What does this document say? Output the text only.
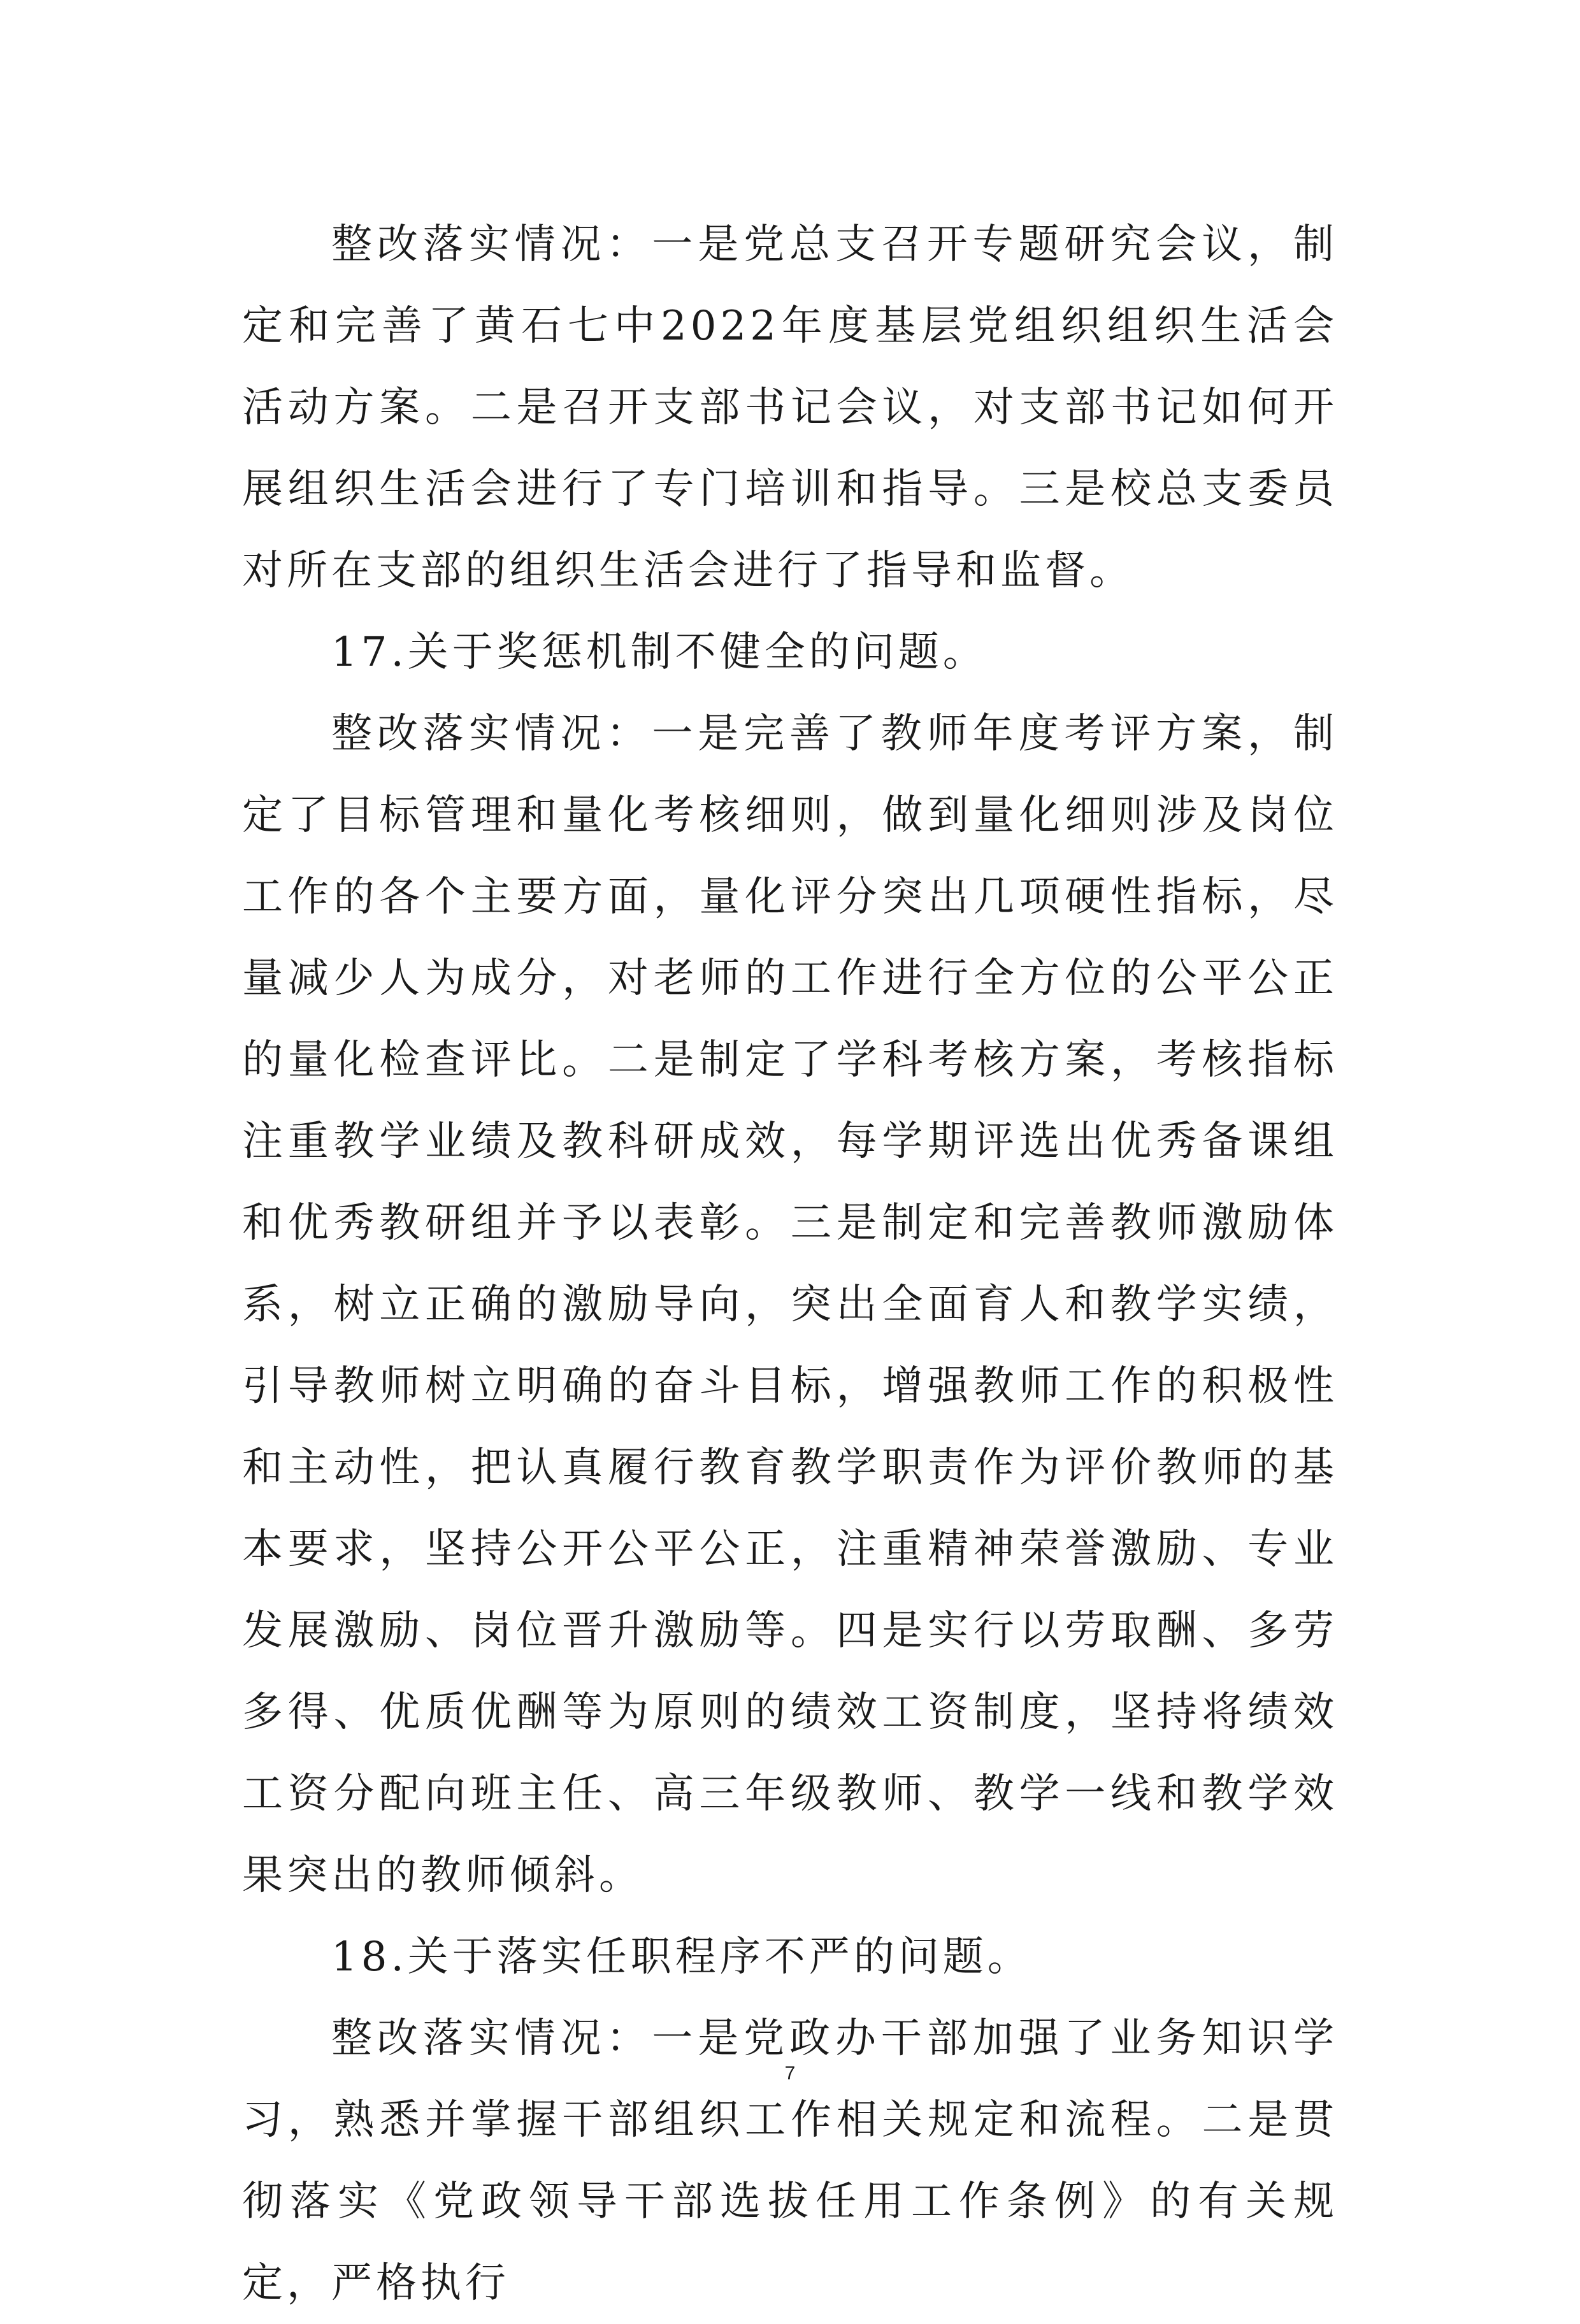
整改落实情况：一是党总支召开专题研究会议，制定和完善了黄石七中2022年度基层党组织组织生活会活动方案。二是召开支部书记会议，对支部书记如何开展组织生活会进行了专门培训和指导。三是校总支委员对所在支部的组织生活会进行了指导和监督。

17.关于奖惩机制不健全的问题。

整改落实情况：一是完善了教师年度考评方案，制定了目标管理和量化考核细则，做到量化细则涉及岗位工作的各个主要方面，量化评分突出几项硬性指标，尽量减少人为成分，对老师的工作进行全方位的公平公正的量化检查评比。二是制定了学科考核方案，考核指标注重教学业绩及教科研成效，每学期评选出优秀备课组和优秀教研组并予以表彰。三是制定和完善教师激励体系，树立正确的激励导向，突出全面育人和教学实绩，引导教师树立明确的奋斗目标，增强教师工作的积极性和主动性，把认真履行教育教学职责作为评价教师的基本要求，坚持公开公平公正，注重精神荣誉激励、专业发展激励、岗位晋升激励等。四是实行以劳取酬、多劳多得、优质优酬等为原则的绩效工资制度，坚持将绩效工资分配向班主任、高三年级教师、教学一线和教学效果突出的教师倾斜。

18.关于落实任职程序不严的问题。

整改落实情况：一是党政办干部加强了业务知识学习，熟悉并掌握干部组织工作相关规定和流程。二是贯彻落实《党政领导干部选拔任用工作条例》的有关规定，严格执行

7
